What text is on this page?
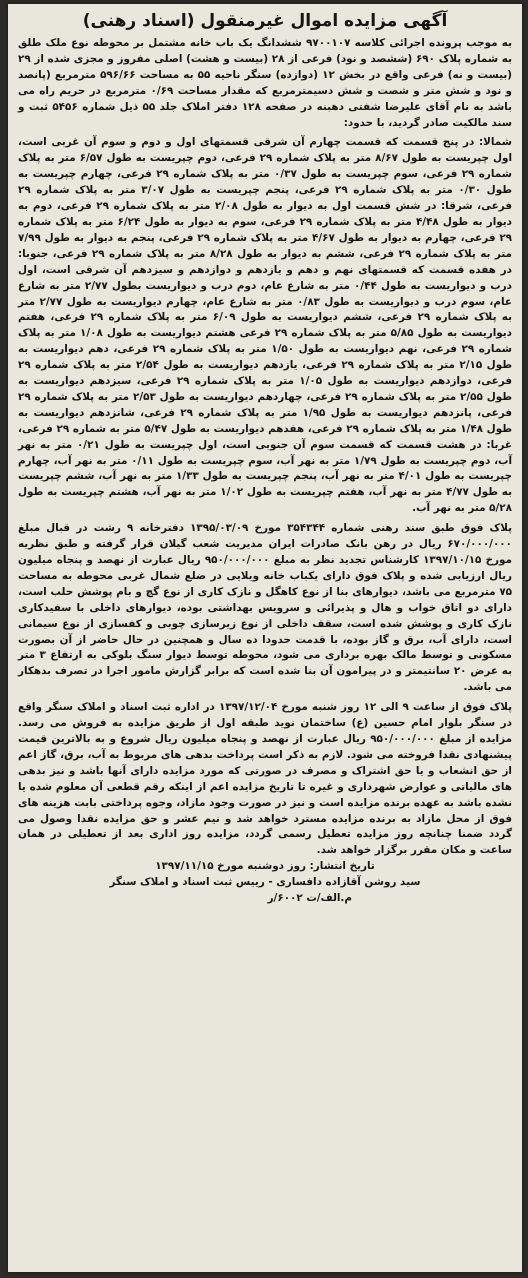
آگهی مزایده اموال غیرمنقول (اسناد رهنی)

به موجب پرونده اجرائی کلاسه ۹۷۰۰۱۰۷ ششدانگ یک باب خانه مشتمل بر محوطه نوع ملک طلق به شماره پلاک ۶۹۰ (ششصد و نود) فرعی از ۲۸ (بیست و هشت) اصلی مفروز و مجزی شده از ۲۹ (بیست و نه) فرعی واقع در بخش ۱۲ (دوازده) سنگر ناحیه ۵۵ به مساحت ۵۹۶/۶۶ مترمربع (پانصد و نود و شش متر و شصت و شش دسیمترمربع که مقدار مساحت ۰/۶۹ مترمربع در حریم راه می باشد به نام آقای علیرضا شفتی دهبنه در صفحه ۱۲۸ دفتر املاک جلد ۵۵ ذیل شماره ۵۴۵۶ ثبت و سند مالکیت صادر گردید، با حدود:

شمالا: در پنج قسمت که قسمت چهارم آن شرقی قسمتهای اول و دوم و سوم آن غربی است، اول چپریست به طول ۸/۶۷ متر به پلاک شماره ۲۹ فرعی، دوم چپریست به طول ۶/۵۷ متر به پلاک شماره ۲۹ فرعی، سوم چپریست به طول ۰/۳۷ متر به پلاک شماره ۲۹ فرعی، چهارم چپریست به طول ۰/۳۰ متر به پلاک شماره ۲۹ فرعی، پنجم چپریست به طول ۳/۰۷ متر به پلاک شماره ۲۹ فرعی، شرقا: در شش قسمت اول به دیوار به طول ۲/۰۸ متر به پلاک شماره ۲۹ فرعی، دوم به دیوار به طول ۴/۴۸ متر به پلاک شماره ۲۹ فرعی، سوم به دیوار به طول ۶/۲۴ متر به پلاک شماره ۲۹ فرعی، چهارم به دیوار به طول ۴/۶۷ متر به پلاک شماره ۲۹ فرعی، پنجم به دیوار به طول ۷/۹۹ متر به پلاک شماره ۲۹ فرعی، ششم به دیوار به طول ۸/۲۸ متر به پلاک شماره ۲۹ فرعی، جنوبا: در هفده قسمت که قسمتهای نهم و دهم و یازدهم و دوازدهم و سیزدهم آن شرقی است، اول درب و دیواریست به طول ۰/۴۴ متر به شارع عام، دوم درب و دیواریست بطول ۲/۷۷ متر به شارع عام، سوم درب و دیواریست به طول ۰/۸۳ متر به شارع عام، چهارم دیواریست به طول ۲/۷۷ متر به پلاک شماره ۲۹ فرعی، ششم دیواریست به طول ۶/۰۹ متر به پلاک شماره ۲۹ فرعی، هفتم دیواریست به طول ۵/۸۵ متر به پلاک شماره ۲۹ فرعی هشتم دیواریست به طول ۱/۰۸ متر به پلاک شماره ۲۹ فرعی، نهم دیواریست به طول ۱/۵۰ متر به پلاک شماره ۲۹ فرعی، دهم دیواریست به طول ۲/۱۵ متر به پلاک شماره ۲۹ فرعی، یازدهم دیواریست به طول ۲/۵۴ متر به پلاک شماره ۲۹ فرعی، دوازدهم دیواریست به طول ۱/۰۵ متر به پلاک شماره ۲۹ فرعی، سیزدهم دیواریست به طول ۲/۵۵ متر به پلاک شماره ۲۹ فرعی، چهاردهم دیواریست به طول ۲/۵۳ متر به پلاک شماره ۲۹ فرعی، پانزدهم دیواریست به طول ۱/۹۵ متر به پلاک شماره ۲۹ فرعی، شانزدهم دیواریست به طول ۱/۴۸ متر به پلاک شماره ۲۹ فرعی، هفدهم دیواریست به طول ۵/۴۷ متر به شماره ۲۹ فرعی، غربا: در هشت قسمت که قسمت سوم آن جنوبی است، اول چپریست به طول ۰/۲۱ متر به نهر آب، دوم چپریست به طول ۱/۷۹ متر به نهر آب، سوم چپریست به طول ۰/۱۱ متر به نهر آب، چهارم چپریست به طول ۴/۰۱ متر به نهر آب، پنجم چپریست به طول ۱/۳۳ متر به نهر آب، ششم چپریست به طول ۴/۷۷ متر به نهر آب، هفتم چپریست به طول ۱/۰۲ متر به نهر آب، هشتم چپریست به طول ۵/۲۸ متر به نهر آب.

پلاک فوق طبق سند رهنی شماره ۳۵۴۳۴۴ مورخ ۱۳۹۵/۰۳/۰۹ دفترخانه ۹ رشت در قبال مبلغ ۶۷۰/۰۰۰/۰۰۰ ریال در رهن بانک صادرات ایران مدیریت شعب گیلان قرار گرفته و طبق نظریه مورخ ۱۳۹۷/۱۰/۱۵ کارشناس تجدید نظر به مبلغ ۹۵۰/۰۰۰/۰۰۰ ریال عبارت از نهصد و پنجاه میلیون ریال ارزیابی شده و پلاک فوق دارای یکباب خانه ویلایی در ضلع شمال غربی محوطه به مساحت ۷۵ مترمربع می باشد، دیوارهای بنا از نوع کاهگل و نازک کاری از نوع گچ و بام پوشش حلب است، دارای دو اتاق خواب و هال و پذیرائی و سرویس بهداشتی بوده، دیوارهای داخلی با سفیدکاری نازک کاری و پوشش شده است، سقف داخلی از نوع زیرسازی چوبی و کفسازی از نوع سیمانی است، دارای آب، برق و گاز بوده، با قدمت حدودا ده سال و همچنین در حال حاضر از آن بصورت مسکونی و توسط مالک بهره برداری می شود، محوطه توسط دیوار سنگ بلوکی به ارتفاع ۳ متر به عرض ۲۰ سانتیمتر و در پیرامون آن بنا شده است که برابر گزارش مامور اجرا در تصرف بدهکار می باشد.

پلاک فوق از ساعت ۹ الی ۱۲ روز شنبه مورخ ۱۳۹۷/۱۲/۰۴ در اداره ثبت اسناد و املاک سنگر واقع در سنگر بلوار امام حسین (ع) ساختمان نوید طبقه اول از طریق مزایده به فروش می رسد. مزایده از مبلغ ۹۵۰/۰۰۰/۰۰۰ ریال عبارت از نهصد و پنجاه میلیون ریال شروع و به بالاترین قیمت پیشنهادی نقدا فروخته می شود. لازم به ذکر است پرداخت بدهی های مربوط به آب، برق، گاز اعم از حق انشعاب و یا حق اشتراک و مصرف در صورتی که مورد مزایده دارای آنها باشد و نیز بدهی های مالیاتی و عوارض شهرداری و غیره تا تاریخ مزایده اعم از اینکه رقم قطعی آن معلوم شده یا نشده باشد به عهده برنده مزایده است و نیز در صورت وجود مازاد، وجوه پرداختی بابت هزینه های فوق از محل مازاد به برنده مزایده مسترد خواهد شد و نیم عشر و حق مزایده نقدا وصول می گردد ضمنا چنانچه روز مزایده تعطیل رسمی گردد، مزایده روز اداری بعد از تعطیلی در همان ساعت و مکان مقرر برگزار خواهد شد.

تاریخ انتشار: روز دوشنبه مورخ ۱۳۹۷/۱۱/۱۵
سید روشن آقازاده دافساری - رییس ثبت اسناد و املاک سنگر
م.الف/ت ۶۰۰۲/ر
